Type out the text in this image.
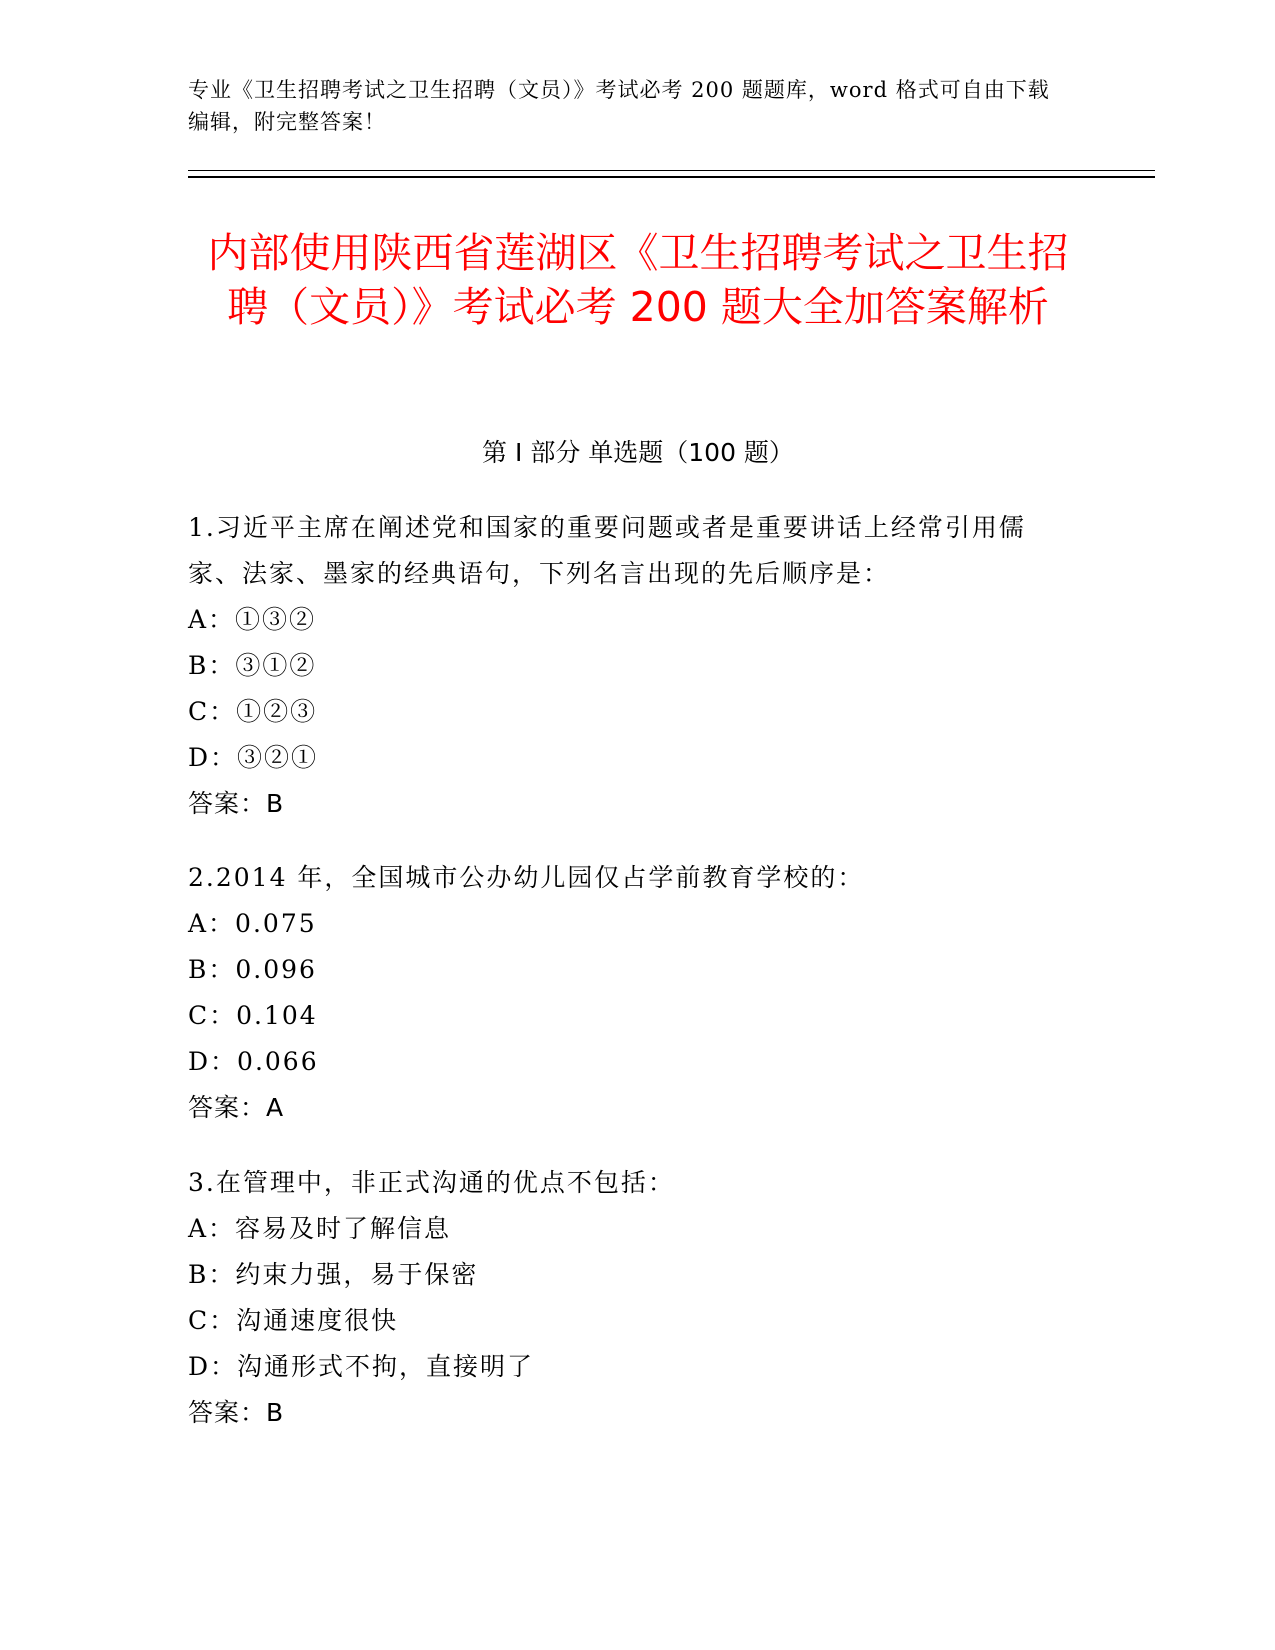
专业《卫生招聘考试之卫生招聘（文员）》考试必考 200 题题库，word 格式可自由下载编辑，附完整答案！
内部使用陕西省莲湖区《卫生招聘考试之卫生招聘（文员）》考试必考 200 题大全加答案解析
第 I 部分 单选题（100 题）
1.习近平主席在阐述党和国家的重要问题或者是重要讲话上经常引用儒家、法家、墨家的经典语句，下列名言出现的先后顺序是：
A：①③②
B：③①②
C：①②③
D：③②①
答案：B
2.2014 年，全国城市公办幼儿园仅占学前教育学校的：
A：0.075
B：0.096
C：0.104
D：0.066
答案：A
3.在管理中，非正式沟通的优点不包括：
A：容易及时了解信息
B：约束力强，易于保密
C：沟通速度很快
D：沟通形式不拘，直接明了
答案：B
